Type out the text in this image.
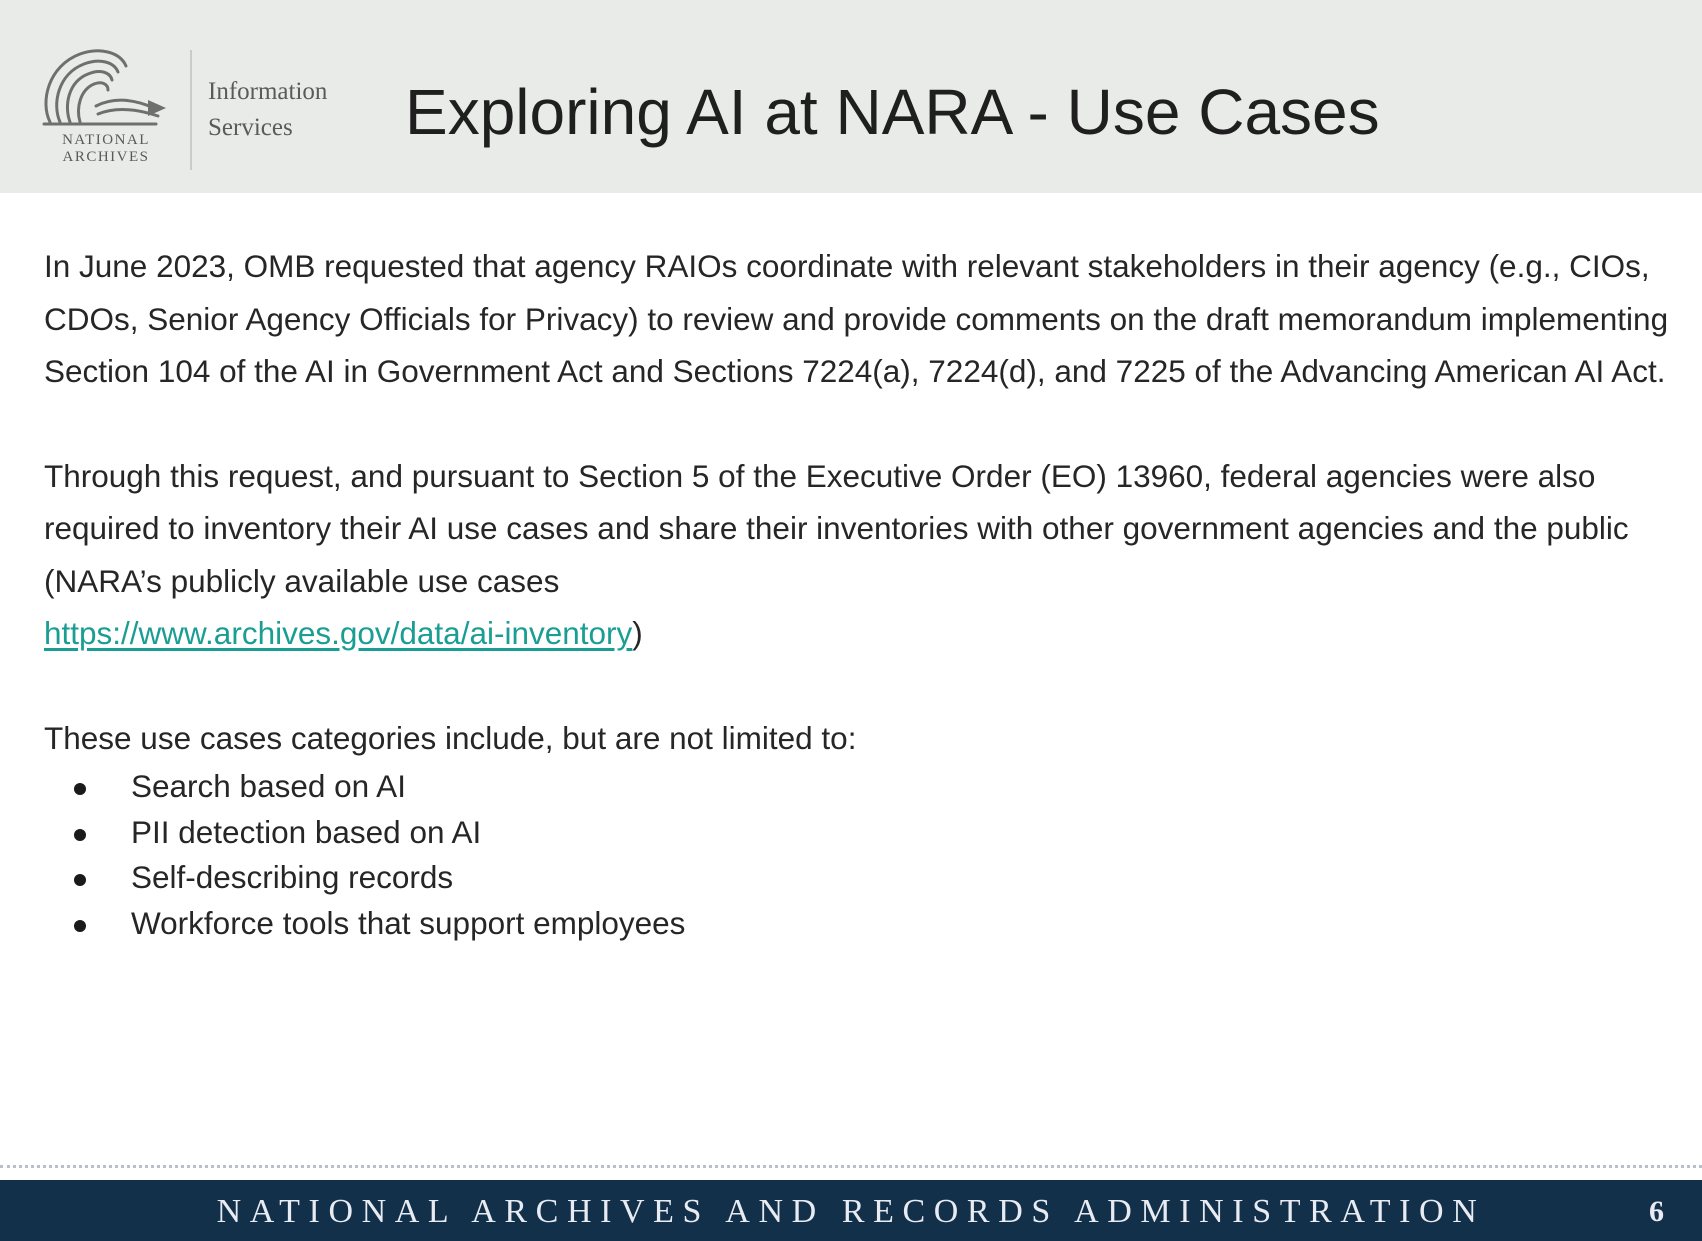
NATIONAL
ARCHIVES
Information
Services	Exploring AI at NARA - Use Cases

In June 2023, OMB requested that agency RAIOs coordinate with relevant stakeholders in their agency (e.g., CIOs, CDOs, Senior Agency Officials for Privacy) to review and provide comments on the draft memorandum implementing Section 104 of the AI in Government Act and Sections 7224(a), 7224(d), and 7225 of the Advancing American AI Act.

Through this request, and pursuant to Section 5 of the Executive Order (EO) 13960, federal agencies were also required to inventory their AI use cases and share their inventories with other government agencies and the public (NARA’s publicly available use cases
https://www.archives.gov/data/ai-inventory)

These use cases categories include, but are not limited to:

Search based on AI
PII detection based on AI
Self-describing records
Workforce tools that support employees
NATIONAL ARCHIVES AND RECORDS ADMINISTRATION	6
